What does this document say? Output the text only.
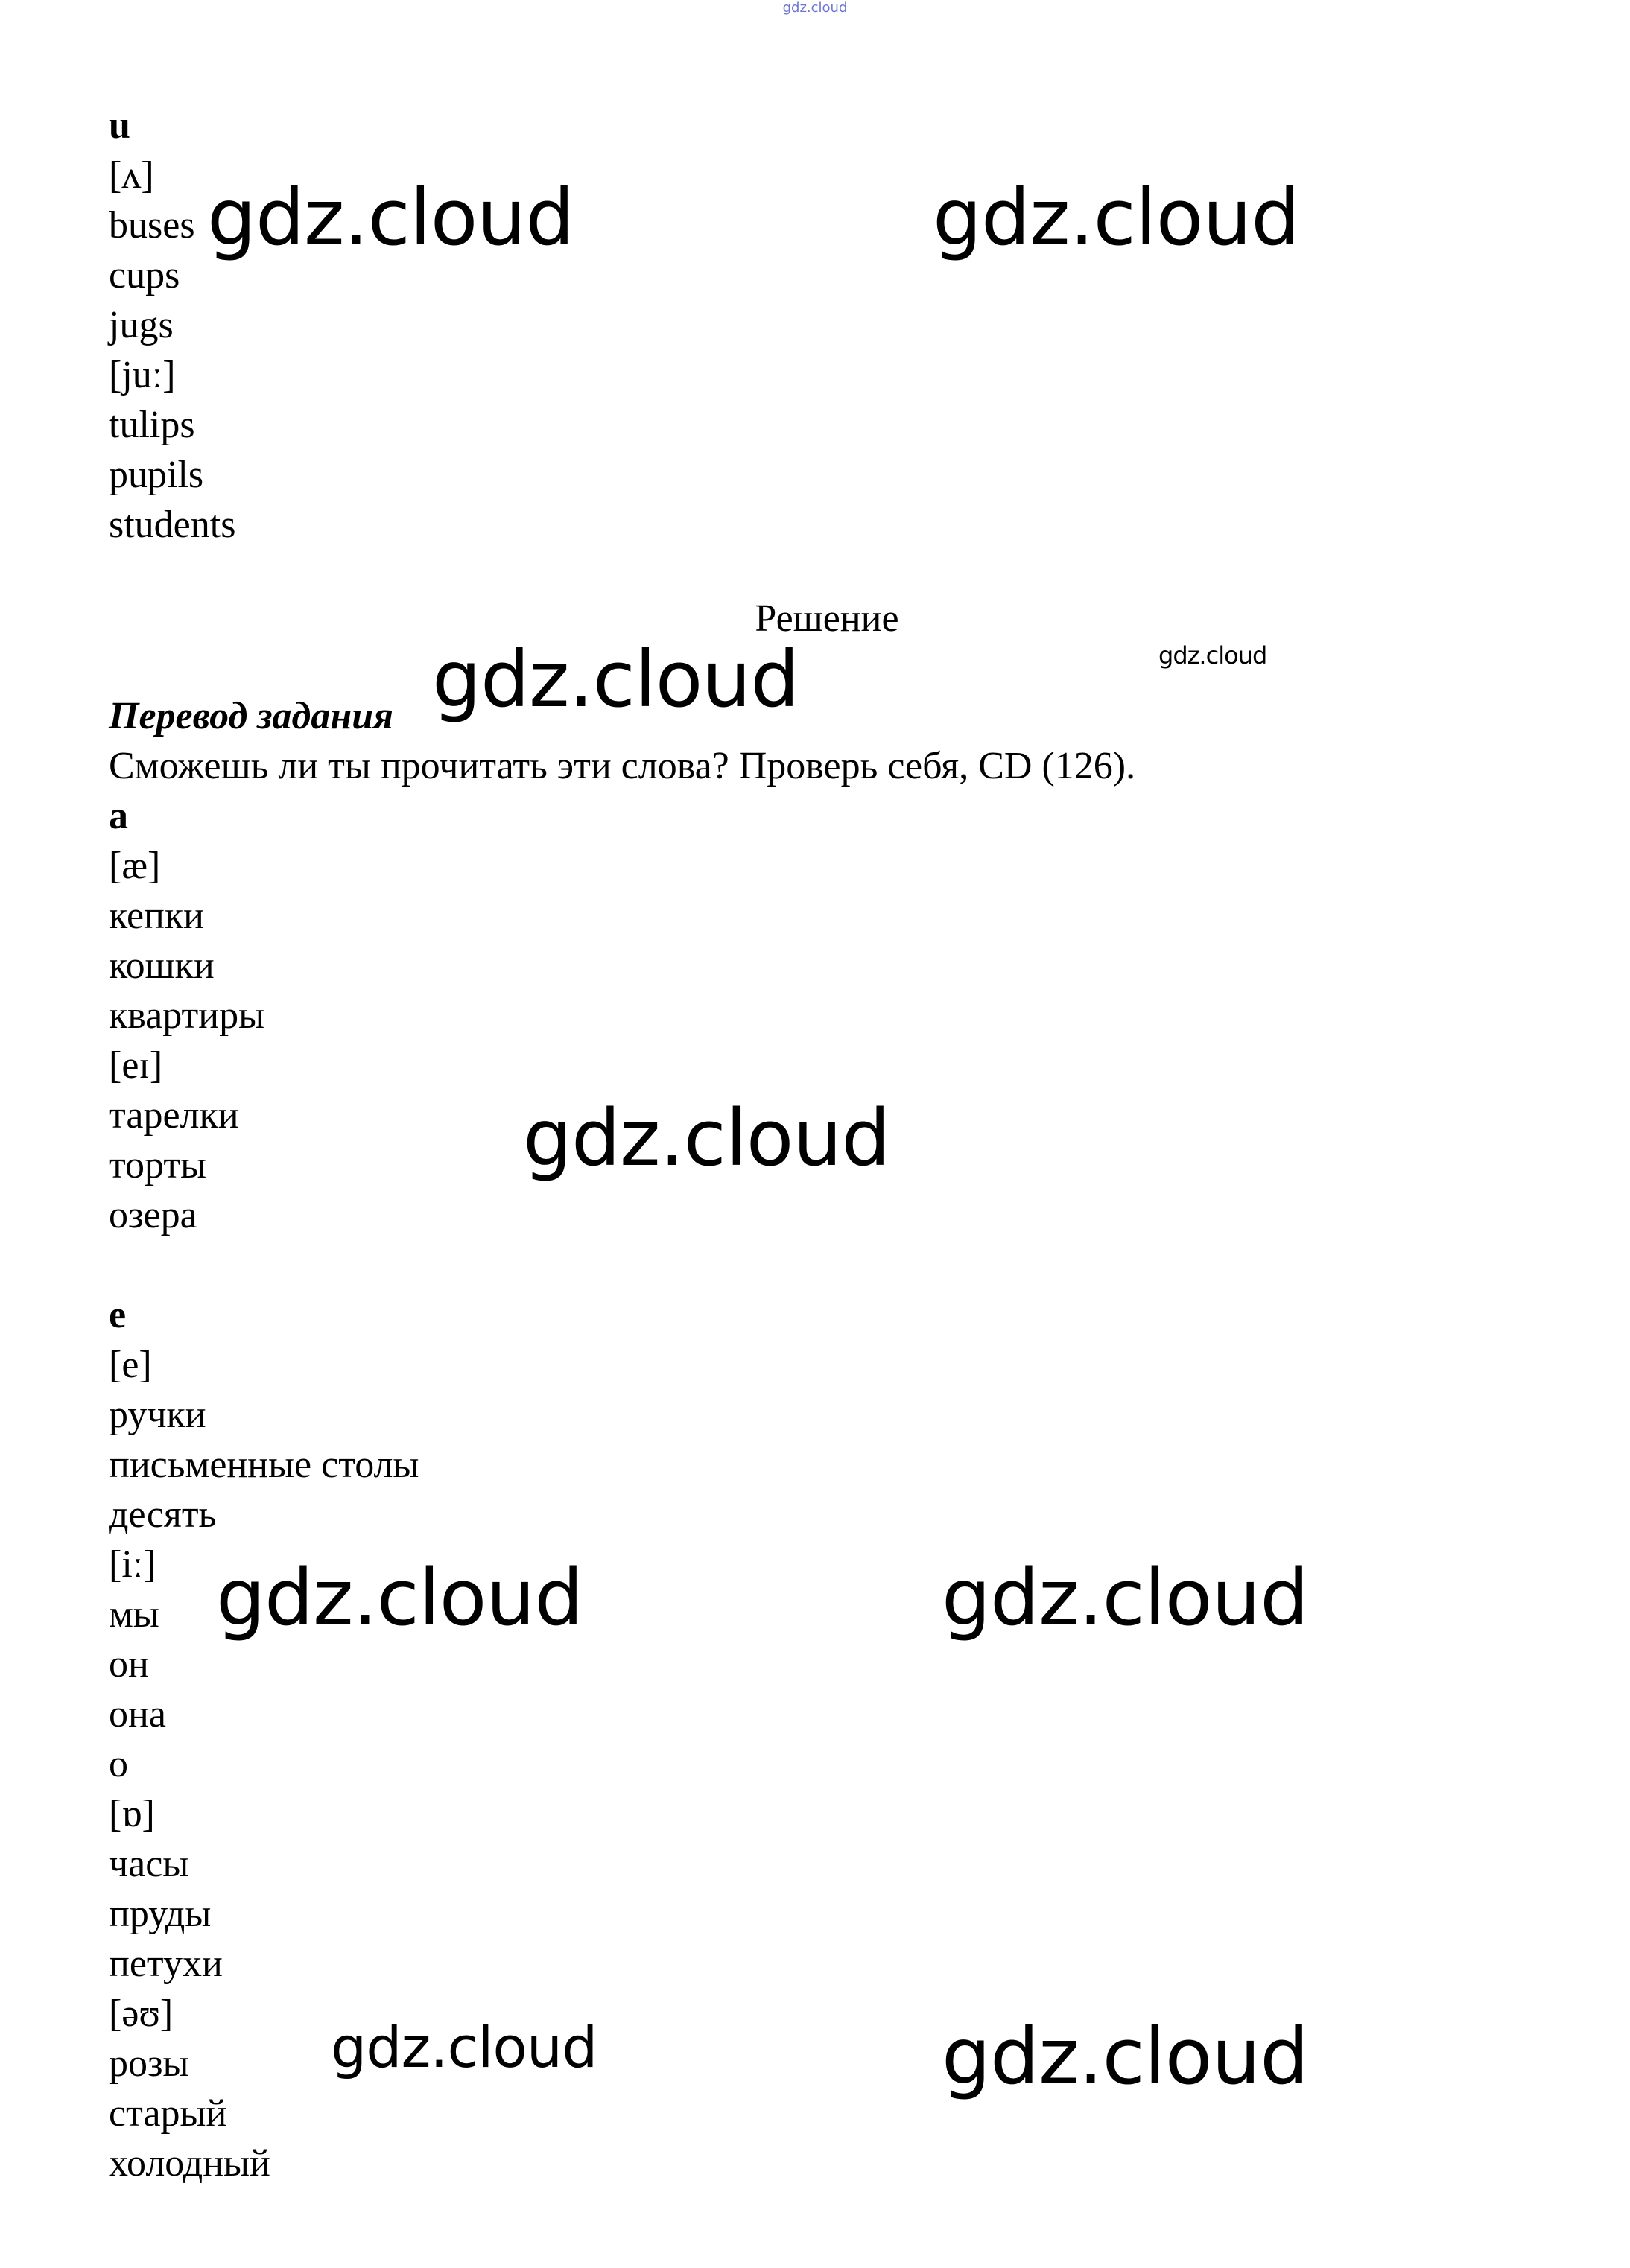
gdz.cloud
u
[ʌ]
buses
cups
jugs
[juː]
tulips
pupils
students
Решение
Перевод задания
Сможешь ли ты прочитать эти слова? Проверь себя, CD (126).
a
[æ]
кепки
кошки
квартиры
[eɪ]
тарелки
торты
озера
e
[e]
ручки
письменные столы
десять
[iː]
мы
он
она
o
[ɒ]
часы
пруды
петухи
[əʊ]
розы
старый
холодный
gdz.cloud	gdz.cloud
gdz.cloud	gdz.cloud
gdz.cloud
gdz.cloud	gdz.cloud
gdz.cloud	gdz.cloud
